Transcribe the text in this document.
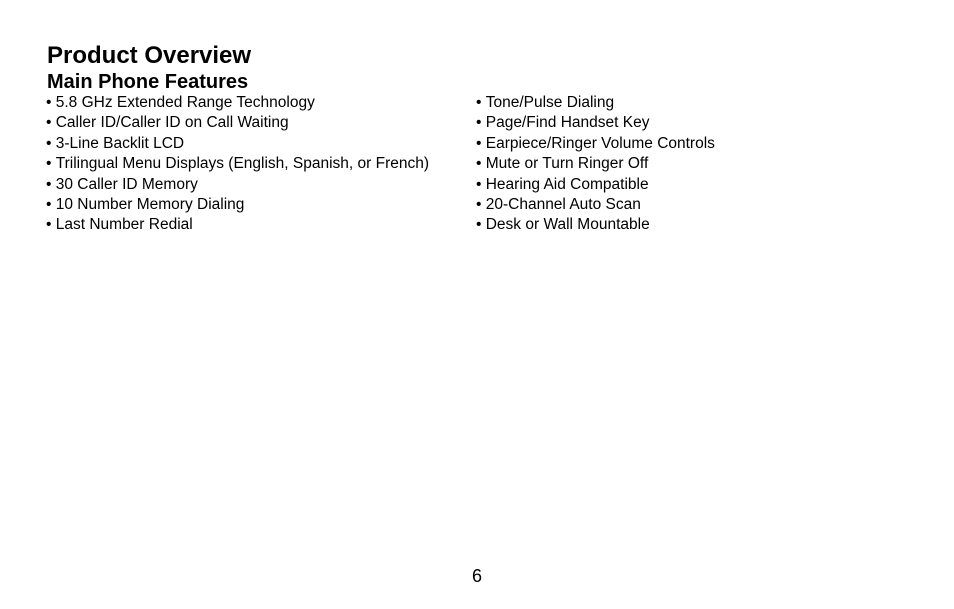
Product Overview
Main Phone Features
• 5.8 GHz Extended Range Technology
• Caller ID/Caller ID on Call Waiting
• 3-Line Backlit LCD
• Trilingual Menu Displays (English, Spanish, or French)
• 30 Caller ID Memory
• 10 Number Memory Dialing
• Last Number Redial
• Tone/Pulse Dialing
• Page/Find Handset Key
• Earpiece/Ringer Volume Controls
• Mute or Turn Ringer Off
• Hearing Aid Compatible
• 20-Channel Auto Scan
• Desk or Wall Mountable
6
